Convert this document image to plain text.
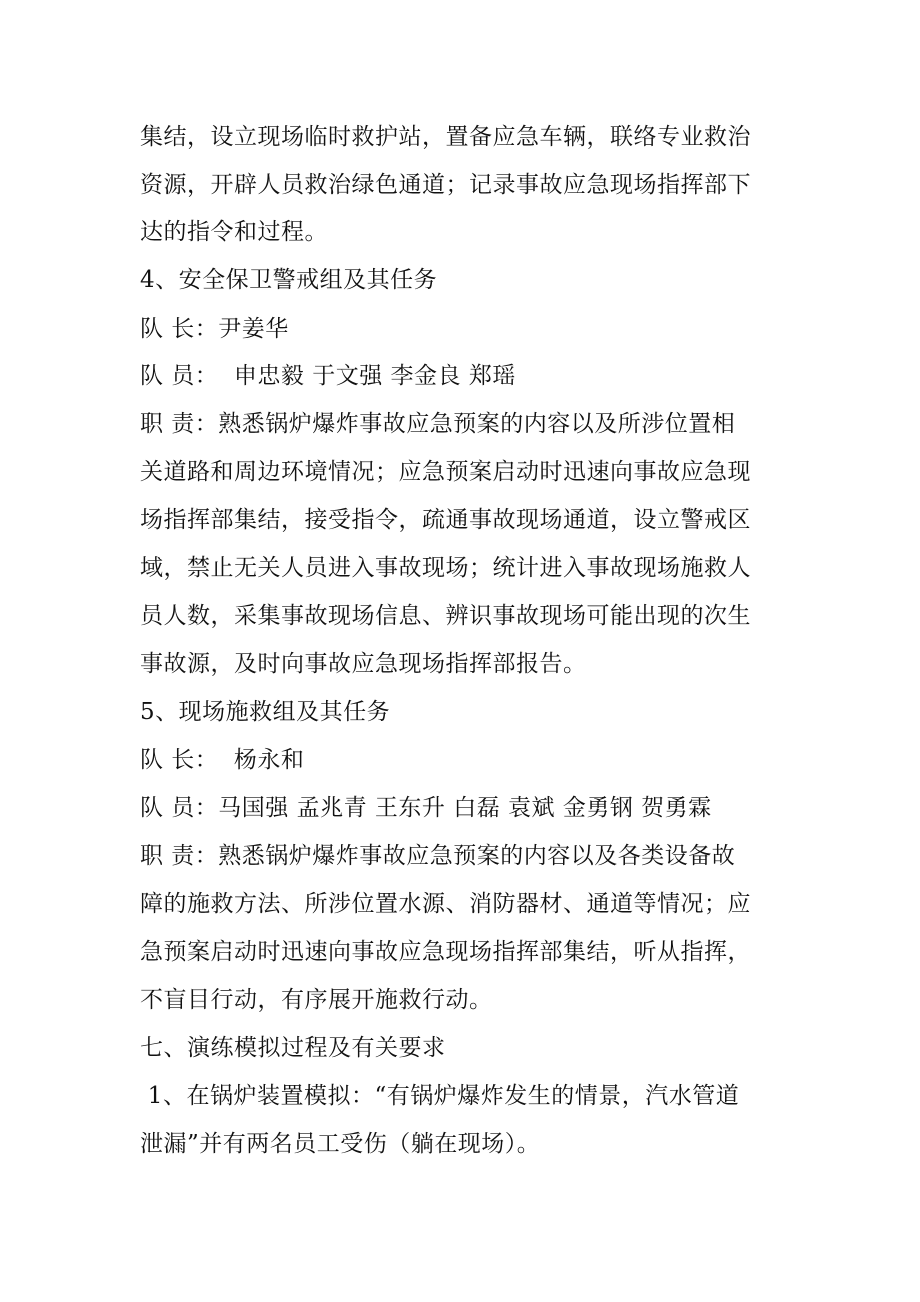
集结，设立现场临时救护站，置备应急车辆，联络专业救治
资源，开辟人员救治绿色通道；记录事故应急现场指挥部下
达的指令和过程。
4、安全保卫警戒组及其任务
队 长：尹姜华
队 员：  申忠毅 于文强 李金良 郑瑶
职 责：熟悉锅炉爆炸事故应急预案的内容以及所涉位置相
关道路和周边环境情况；应急预案启动时迅速向事故应急现
场指挥部集结，接受指令，疏通事故现场通道，设立警戒区
域，禁止无关人员进入事故现场；统计进入事故现场施救人
员人数，采集事故现场信息、辨识事故现场可能出现的次生
事故源，及时向事故应急现场指挥部报告。
5、现场施救组及其任务
队 长：  杨永和
队 员：马国强 孟兆青 王东升 白磊 袁斌 金勇钢 贺勇霖
职 责：熟悉锅炉爆炸事故应急预案的内容以及各类设备故
障的施救方法、所涉位置水源、消防器材、通道等情况；应
急预案启动时迅速向事故应急现场指挥部集结，听从指挥，
不盲目行动，有序展开施救行动。
七、演练模拟过程及有关要求
1、在锅炉装置模拟：“有锅炉爆炸发生的情景，汽水管道
泄漏”并有两名员工受伤（躺在现场）。
